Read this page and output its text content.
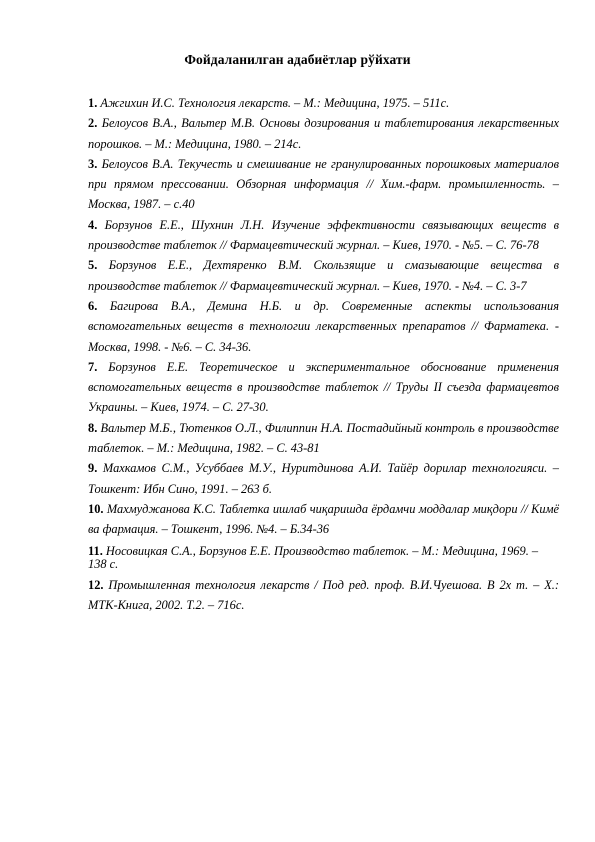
Фойдаланилган адабиётлар рўйхати
1. Ажгихин И.С. Технология лекарств. – М.: Медицина, 1975. – 511с.
2. Белоусов В.А., Вальтер М.В. Основы дозирования и таблетирования лекарственных порошков. – М.: Медицина, 1980. – 214с.
3. Белоусов В.А. Текучесть и смешивание не гранулированных порошковых материалов при прямом прессовании. Обзорная информация // Хим.-фарм. промышленность. – Москва, 1987. – с.40
4. Борзунов Е.Е., Шухнин Л.Н. Изучение эффективности связывающих веществ в производстве таблеток // Фармацевтический журнал. – Киев, 1970. - №5. – С. 76-78
5. Борзунов Е.Е., Дехтяренко В.М. Скользящие и смазывающие вещества в производстве таблеток // Фармацевтический журнал. – Киев, 1970. - №4. – С. 3-7
6. Багирова В.А., Демина Н.Б. и др. Современные аспекты использования вспомогательных веществ в технологии лекарственных препаратов // Фарматека. - Москва, 1998. - №6. – С. 34-36.
7. Борзунов Е.Е. Теоретическое и экспериментальное обоснование применения вспомогательных веществ в производстве таблеток // Труды II съезда фармацевтов Украины. – Киев, 1974. – С. 27-30.
8. Вальтер М.Б., Тютенков О.Л., Филиппин Н.А. Постадийный контроль в производстве таблеток. – М.: Медицина, 1982. – С. 43-81
9. Махкамов С.М., Усуббаев М.У., Нуритдинова А.И. Тайёр дорилар технологияси. – Тошкент: Ибн Сино, 1991. – 263 б.
10. Махмуджанова К.С. Таблетка ишлаб чиқаришда ёрдамчи моддалар миқдори // Кимё ва фармация. – Тошкент, 1996. №4. – Б.34-36
11. Носовицкая С.А., Борзунов Е.Е. Производство таблеток. – М.: Медицина, 1969. – 138 с.
12. Промышленная технология лекарств / Под ред. проф. В.И.Чуешова. В 2х т. – Х.: МТК-Книга, 2002. Т.2. – 716с.
